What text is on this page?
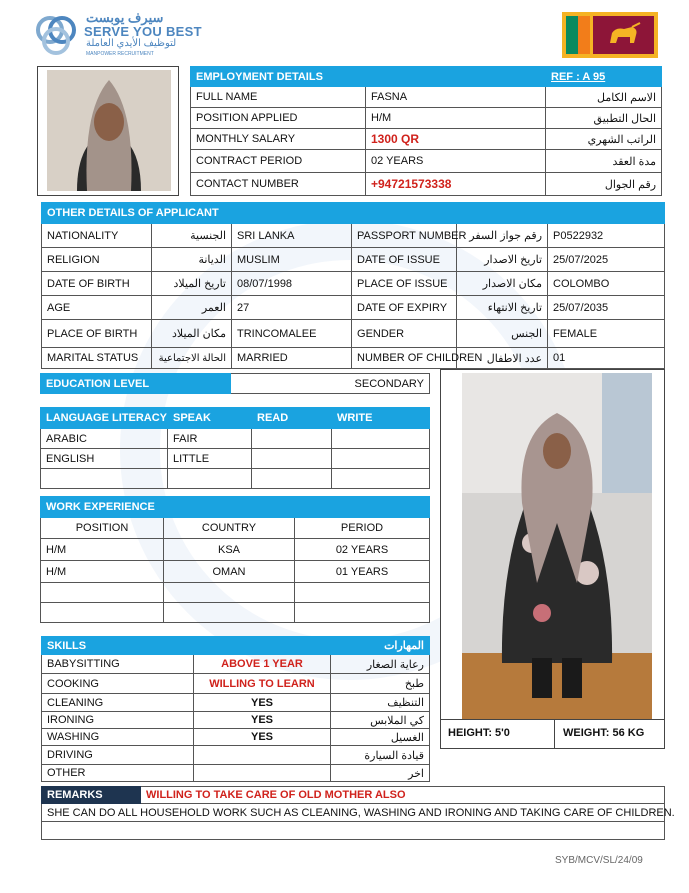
سيرف يوبست
SERVE YOU BEST
لتوظيف الأيدي العاملة
MANPOWER RECRUITMENT
EMPLOYMENT DETAILS		REF : A 95
FULL NAME	FASNA	الاسم الكامل
POSITION APPLIED	H/M	الحال التطبيق
MONTHLY SALARY	1300 QR	الراتب الشهري
CONTRACT PERIOD	02 YEARS	مدة العقد
CONTACT NUMBER	+94721573338	رقم الجوال
OTHER DETAILS OF APPLICANT					
NATIONALITY	الجنسية	SRI LANKA	PASSPORT NUMBER	رقم جواز السفر	P0522932
RELIGION	الديانة	MUSLIM	DATE OF ISSUE	تاريخ الاصدار	25/07/2025
DATE OF BIRTH	تاريخ الميلاد	08/07/1998	PLACE OF ISSUE	مكان الاصدار	COLOMBO
AGE	العمر	27	DATE OF EXPIRY	تاريخ الانتهاء	25/07/2035
PLACE OF BIRTH	مكان الميلاد	TRINCOMALEE	GENDER	الجنس	FEMALE
MARITAL STATUS	الحالة الاجتماعية	MARRIED	NUMBER OF CHILDREN	عدد الاطفال	01
EDUCATION LEVEL	SECONDARY
LANGUAGE LITERACY	SPEAK	READ	WRITE
ARABIC	FAIR		
ENGLISH	LITTLE		

WORK EXPERIENCE		
POSITION	COUNTRY	PERIOD
H/M	KSA	02 YEARS
H/M	OMAN	01 YEARS

SKILLS		المهارات
BABYSITTING	ABOVE 1 YEAR	رعاية الصغار
COOKING	WILLING TO LEARN	طبخ
CLEANING	YES	التنظيف
IRONING	YES	كي الملابس
WASHING	YES	الغسيل
DRIVING		قيادة السيارة
OTHER		اخر
HEIGHT: 5'0	WEIGHT: 56 KG
REMARKS	WILLING TO TAKE CARE OF OLD MOTHER ALSO
SHE CAN DO ALL HOUSEHOLD WORK SUCH AS CLEANING, WASHING AND IRONING AND TAKING CARE OF CHILDREN.

SYB/MCV/SL/24/09
